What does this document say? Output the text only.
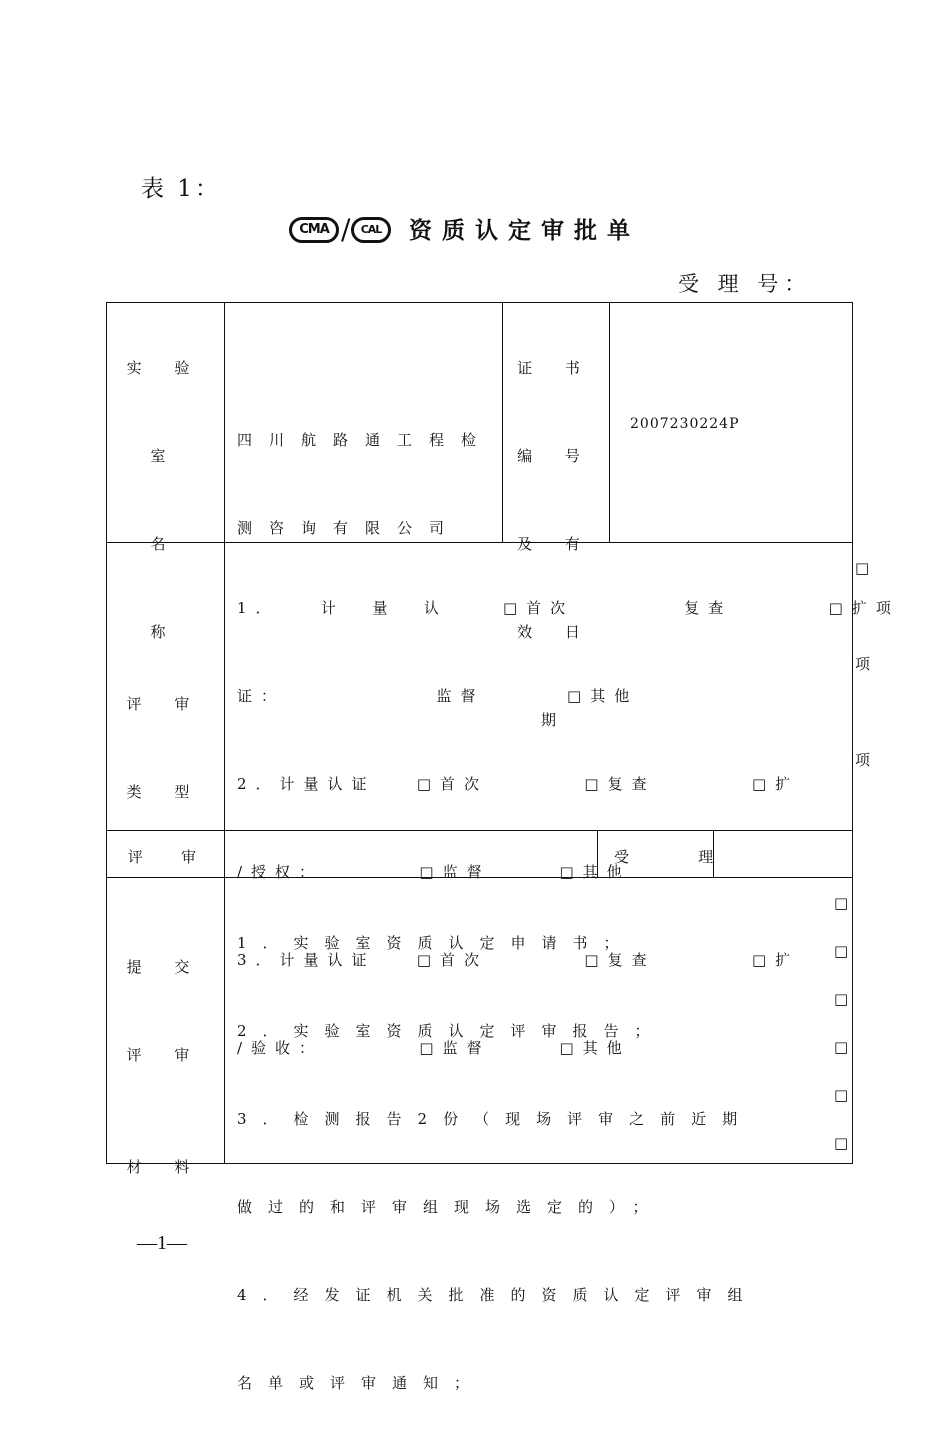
表 1：
CMA / CAL	资质认定审批单
受 理 号：

实 验

室

名

称

四川航路通工程检

测咨询有限公司

证 书

编 号

及 有

效 日

期

2007230224P

评 审

类 型

1．   计  量  认    □首次        复查       □扩项

证：           监督      □其他

2．计量认证   □首次       □复查       □扩

/授权：       □监督     □其他

3．计量认证   □首次       □复查       □扩

/验收：       □监督     □其他

□
项
项
评   审	受    理

提 交

评 审

材 料

1．实验室资质认定申请书；

2．实验室资质认定评审报告；

3．检测报告2份（现场评审之前近期

做过的和评审组现场选定的）；

4．经发证机关批准的资质认定评审组

名单或评审通知；

□
□
□
□
□
□
—1—
